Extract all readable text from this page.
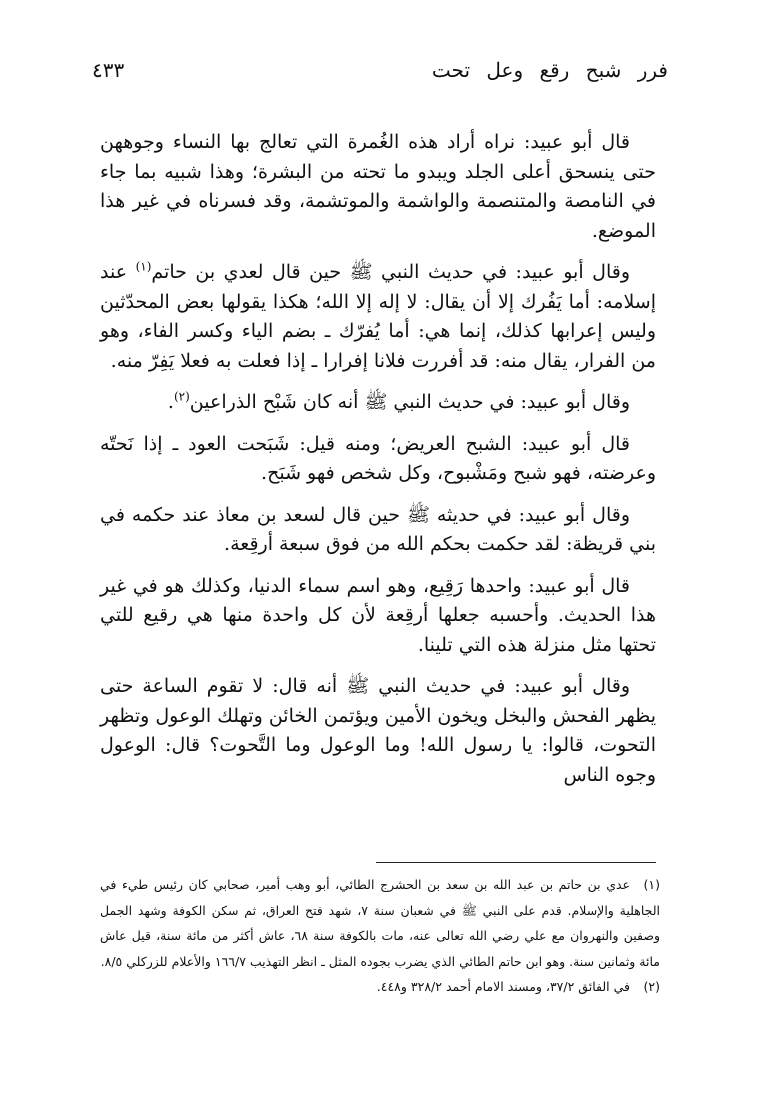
فرر شبح رقع وعل تحت
٤٣٣

قال أبو عبيد: نراه أراد هذه الغُمرة التي تعالج بها النساء وجوههن حتى ينسحق أعلى الجلد ويبدو ما تحته من البشرة؛ وهذا شبيه بما جاء في النامصة والمتنصمة والواشمة والموتشمة، وقد فسرناه في غير هذا الموضع.

وقال أبو عبيد: في حديث النبي ﷺ حين قال لعدي بن حاتم$^{(١)}$ عند إسلامه: أما يَفُرك إلا أن يقال: لا إله إلا الله؛ هكذا يقولها بعض المحدّثين وليس إعرابها كذلك، إنما هي: أما يُفرّك ـ بضم الياء وكسر الفاء، وهو من الفرار، يقال منه: قد أفررت فلانا إفرارا ـ إذا فعلت به فعلا يَفِرّ منه.

وقال أبو عبيد: في حديث النبي ﷺ أنه كان شَبْح الذراعين$^{(٢)}$.

قال أبو عبيد: الشبح العريض؛ ومنه قيل: شَبَحت العود ـ إذا نَحتّه وعرضته، فهو شبح ومَشْبوح، وكل شخص فهو شَبَح.

وقال أبو عبيد: في حديثه ﷺ حين قال لسعد بن معاذ عند حكمه في بني قريظة: لقد حكمت بحكم الله من فوق سبعة أرقِعة.

قال أبو عبيد: واحدها رَقِيع، وهو اسم سماء الدنيا، وكذلك هو في غير هذا الحديث. وأحسبه جعلها أرقِعة لأن كل واحدة منها هي رقيع للتي تحتها مثل منزلة هذه التي تلينا.

وقال أبو عبيد: في حديث النبي ﷺ أنه قال: لا تقوم الساعة حتى يظهر الفحش والبخل ويخون الأمين ويؤتمن الخائن وتهلك الوعول وتظهر التحوت، قالوا: يا رسول الله! وما الوعول وما التَّحوت؟ قال: الوعول وجوه الناس

(١)عدي بن حاتم بن عبد الله بن سعد بن الحشرج الطائي، أبو وهب أمير، صحابي كان رئيس طيء في الجاهلية والإسلام. قدم على النبي ﷺ في شعبان سنة ٧، شهد فتح العراق، ثم سكن الكوفة وشهد الجمل وصفين والنهروان مع علي رضي الله تعالى عنه، مات بالكوفة سنة ٦٨، عاش أكثر من مائة سنة، قيل عاش مائة وثمانين سنة. وهو ابن حاتم الطائي الذي يضرب بجوده المثل ـ انظر التهذيب ١٦٦/٧ والأعلام للزركلي ٨/٥.

(٢)في الفائق ٣٧/٢، ومسند الامام أحمد ٣٢٨/٢ و٤٤٨.
